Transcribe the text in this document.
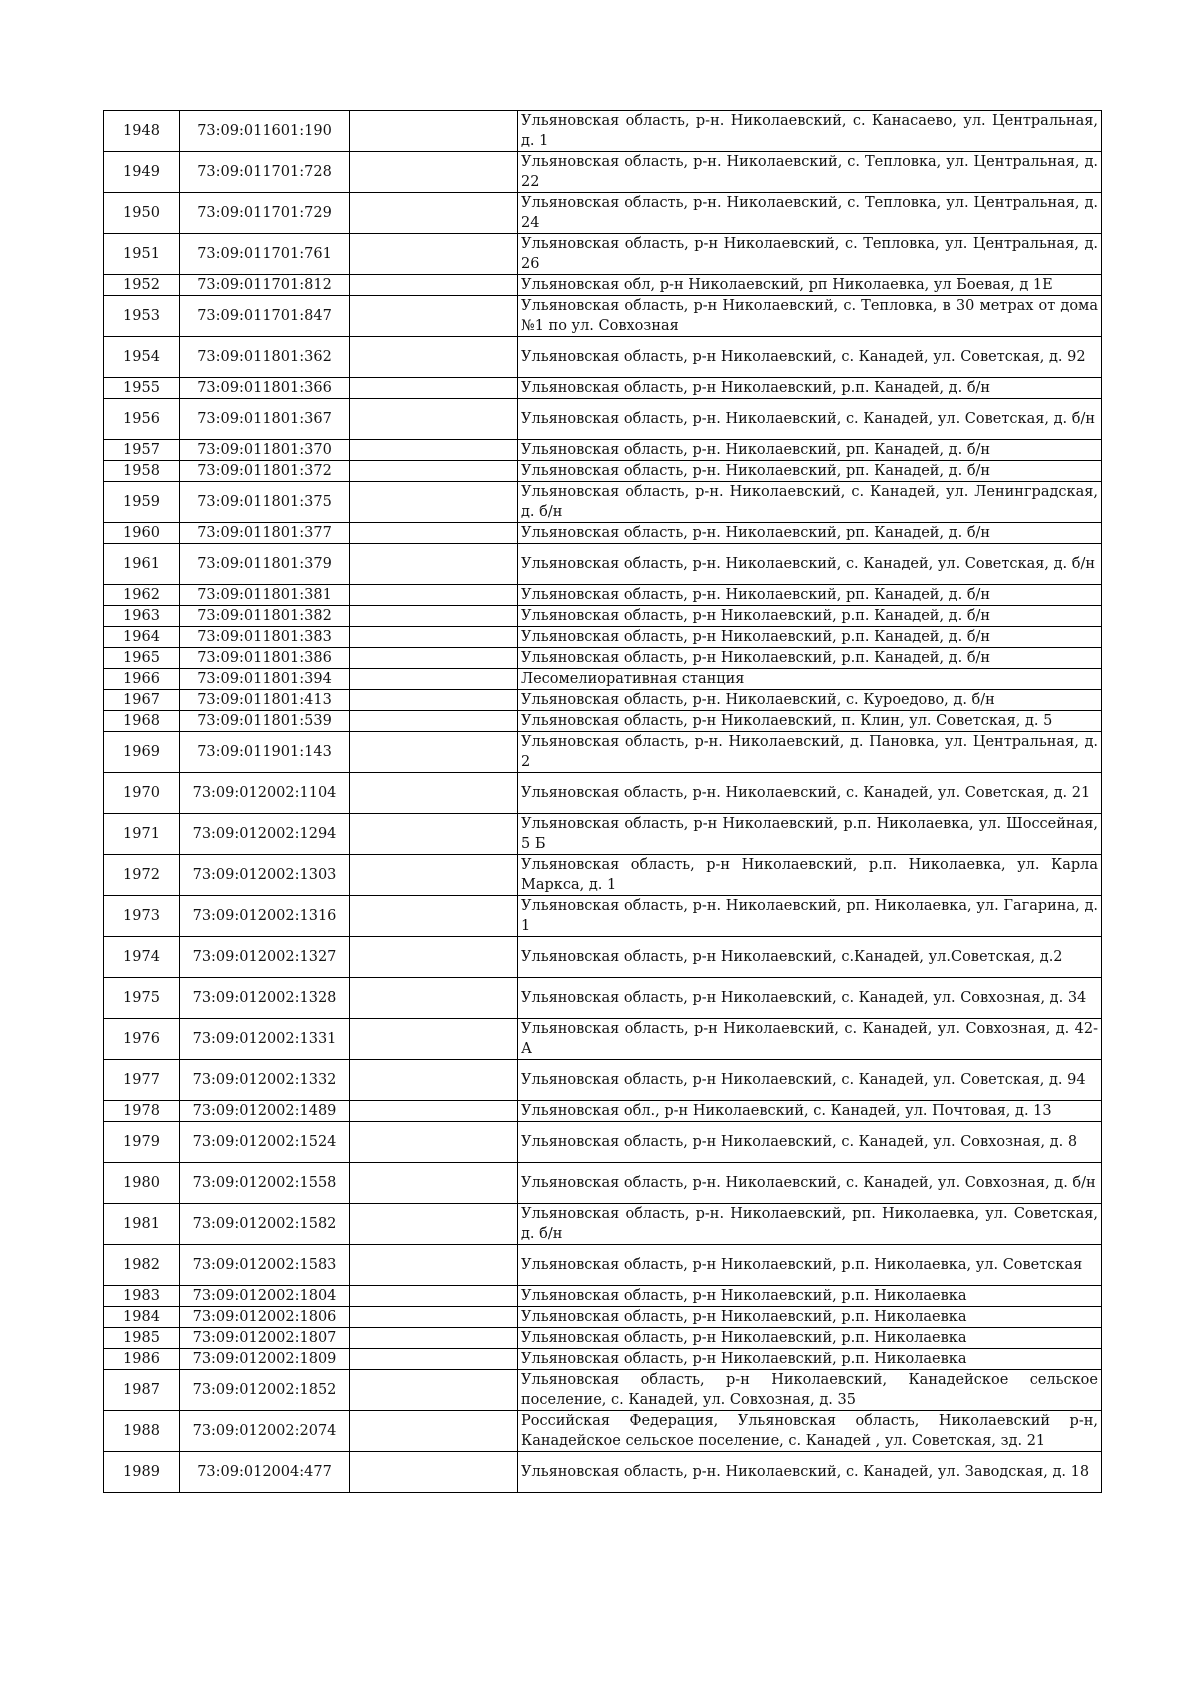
1948	73:09:011601:190		Ульяновская область, р-н. Николаевский, с. Канасаево, ул. Центральная, д. 1
1949	73:09:011701:728		Ульяновская область, р-н. Николаевский, с. Тепловка, ул. Центральная, д. 22
1950	73:09:011701:729		Ульяновская область, р-н. Николаевский, с. Тепловка, ул. Центральная, д. 24
1951	73:09:011701:761		Ульяновская область, р-н Николаевский, с. Тепловка, ул. Центральная, д. 26
1952	73:09:011701:812		Ульяновская обл, р-н Николаевский, рп Николаевка, ул Боевая, д 1Е
1953	73:09:011701:847		Ульяновская область, р-н Николаевский, с. Тепловка, в 30 метрах от дома №1 по ул. Совхозная
1954	73:09:011801:362		Ульяновская область, р-н Николаевский, с. Канадей, ул. Советская, д. 92
1955	73:09:011801:366		Ульяновская область, р-н Николаевский, р.п. Канадей, д. б/н
1956	73:09:011801:367		Ульяновская область, р-н. Николаевский, с. Канадей, ул. Советская, д. б/н
1957	73:09:011801:370		Ульяновская область, р-н. Николаевский, рп. Канадей, д. б/н
1958	73:09:011801:372		Ульяновская область, р-н. Николаевский, рп. Канадей, д. б/н
1959	73:09:011801:375		Ульяновская область, р-н. Николаевский, с. Канадей, ул. Ленинградская, д. б/н
1960	73:09:011801:377		Ульяновская область, р-н. Николаевский, рп. Канадей, д. б/н
1961	73:09:011801:379		Ульяновская область, р-н. Николаевский, с. Канадей, ул. Советская, д. б/н
1962	73:09:011801:381		Ульяновская область, р-н. Николаевский, рп. Канадей, д. б/н
1963	73:09:011801:382		Ульяновская область, р-н Николаевский, р.п. Канадей, д. б/н
1964	73:09:011801:383		Ульяновская область, р-н Николаевский, р.п. Канадей, д. б/н
1965	73:09:011801:386		Ульяновская область, р-н Николаевский, р.п. Канадей, д. б/н
1966	73:09:011801:394		Лесомелиоративная станция
1967	73:09:011801:413		Ульяновская область, р-н. Николаевский, с. Куроедово, д. б/н
1968	73:09:011801:539		Ульяновская область, р-н Николаевский, п. Клин, ул. Советская, д. 5
1969	73:09:011901:143		Ульяновская область, р-н. Николаевский, д. Пановка, ул. Центральная, д. 2
1970	73:09:012002:1104		Ульяновская область, р-н. Николаевский, с. Канадей, ул. Советская, д. 21
1971	73:09:012002:1294		Ульяновская область, р-н Николаевский, р.п. Николаевка, ул. Шоссейная, 5 Б
1972	73:09:012002:1303		Ульяновская область, р-н Николаевский, р.п. Николаевка, ул. Карла Маркса, д. 1
1973	73:09:012002:1316		Ульяновская область, р-н. Николаевский, рп. Николаевка, ул. Гагарина, д. 1
1974	73:09:012002:1327		Ульяновская область, р-н Николаевский, с.Канадей, ул.Советская, д.2
1975	73:09:012002:1328		Ульяновская область, р-н Николаевский, с. Канадей, ул. Совхозная, д. 34
1976	73:09:012002:1331		Ульяновская область, р-н Николаевский, с. Канадей, ул. Совхозная, д. 42-А
1977	73:09:012002:1332		Ульяновская область, р-н Николаевский, с. Канадей, ул. Советская, д. 94
1978	73:09:012002:1489		Ульяновская обл., р-н Николаевский, с. Канадей, ул. Почтовая, д. 13
1979	73:09:012002:1524		Ульяновская область, р-н Николаевский, с. Канадей, ул. Совхозная, д. 8
1980	73:09:012002:1558		Ульяновская область, р-н. Николаевский, с. Канадей, ул. Совхозная, д. б/н
1981	73:09:012002:1582		Ульяновская область, р-н. Николаевский, рп. Николаевка, ул. Советская, д. б/н
1982	73:09:012002:1583		Ульяновская область, р-н Николаевский, р.п. Николаевка, ул. Советская
1983	73:09:012002:1804		Ульяновская область, р-н Николаевский, р.п. Николаевка
1984	73:09:012002:1806		Ульяновская область, р-н Николаевский, р.п. Николаевка
1985	73:09:012002:1807		Ульяновская область, р-н Николаевский, р.п. Николаевка
1986	73:09:012002:1809		Ульяновская область, р-н Николаевский, р.п. Николаевка
1987	73:09:012002:1852		Ульяновская область, р-н Николаевский, Канадейское сельское поселение, с. Канадей, ул. Совхозная, д. 35
1988	73:09:012002:2074		Российская Федерация, Ульяновская область, Николаевский р-н, Канадейское сельское поселение, с. Канадей , ул. Советская, зд. 21
1989	73:09:012004:477		Ульяновская область, р-н. Николаевский, с. Канадей, ул. Заводская, д. 18
